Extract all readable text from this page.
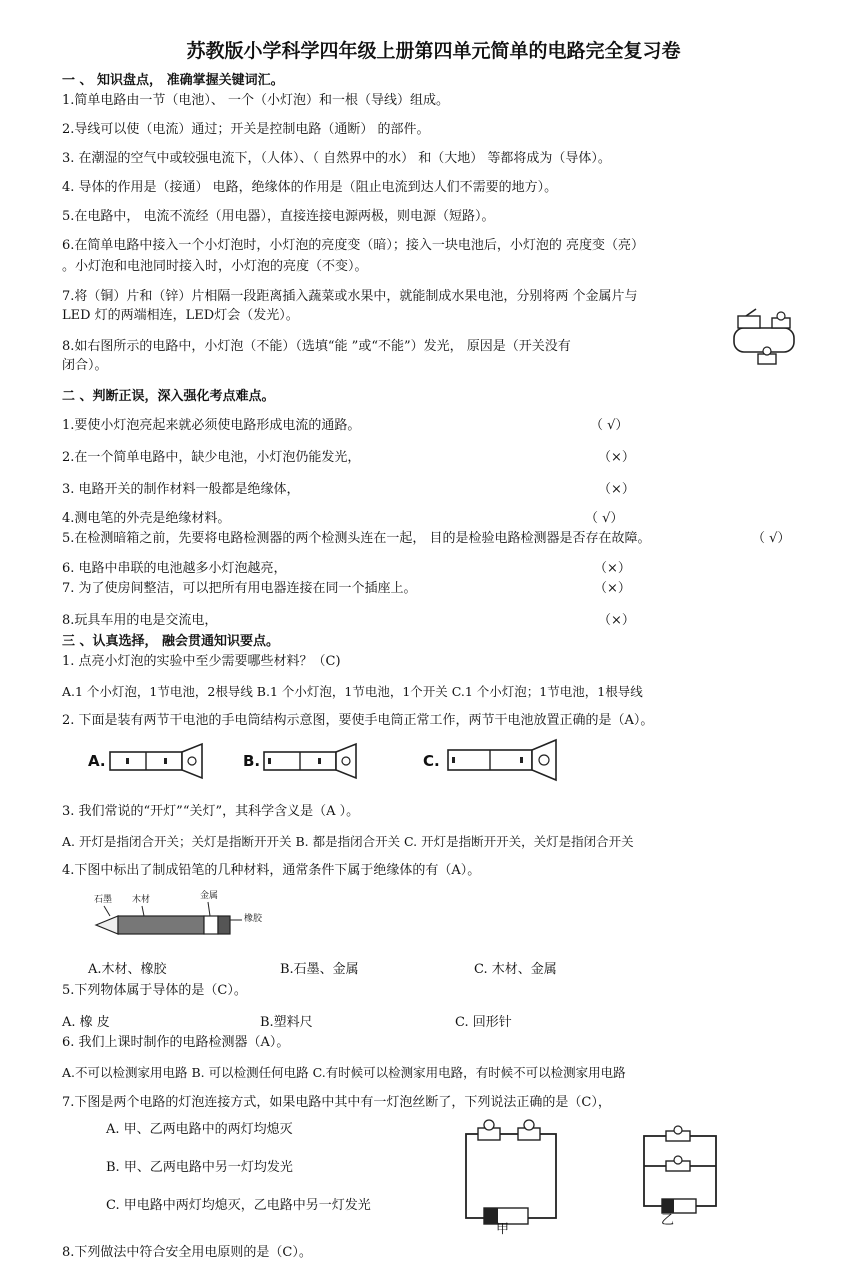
苏教版小学科学四年级上册第四单元简单的电路完全复习卷
一 、 知识盘点， 准确掌握关键词汇。
1.简单电路由一节（电池）、 一个（小灯泡）和一根（导线）组成。
2.导线可以使（电流）通过；开关是控制电路（通断） 的部件。
3. 在潮湿的空气中或较强电流下，（人体）、（ 自然界中的水） 和（大地） 等都将成为（导体）。
4. 导体的作用是（接通） 电路，绝缘体的作用是（阻止电流到达人们不需要的地方）。
5.在电路中， 电流不流经（用电器），直接连接电源两极，则电源（短路）。
6.在简单电路中接入一个小灯泡时，小灯泡的亮度变（暗）；接入一块电池后，小灯泡的 亮度变（亮）
。小灯泡和电池同时接入时，小灯泡的亮度（不变）。
7.将（铜）片和（锌）片相隔一段距离插入蔬菜或水果中，就能制成水果电池，分别将两 个金属片与
LED 灯的两端相连，LED灯会（发光）。
8.如右图所示的电路中，小灯泡（不能）（选填“能 ”或“不能”）发光， 原因是（开关没有
闭合）。
二 、判断正误，深入强化考点难点。
1.要使小灯泡亮起来就必须使电路形成电流的通路。	（ √）
2.在一个简单电路中，缺少电池，小灯泡仍能发光，	（×）
3. 电路开关的制作材料一般都是绝缘体，	（×）
4.测电笔的外壳是绝缘材料。	（ √）
5.在检测暗箱之前，先要将电路检测器的两个检测头连在一起， 目的是检验电路检测器是否存在故障。	（ √）
6. 电路中串联的电池越多小灯泡越亮，	（×）
7. 为了使房间整洁，可以把所有用电器连接在同一个插座上。	（×）
8.玩具车用的电是交流电，	（×）
三 、认真选择， 融会贯通知识要点。
1. 点亮小灯泡的实验中至少需要哪些材料？（C)
A.1 个小灯泡，1节电池，2根导线 B.1 个小灯泡，1节电池，1个开关 C.1 个小灯泡；1节电池，1根导线
2. 下面是装有两节干电池的手电筒结构示意图，要使手电筒正常工作，两节干电池放置正确的是（A）。
A.	B.	C.
3. 我们常说的“开灯”“关灯”，其科学含义是（A ）。
A. 开灯是指闭合开关；关灯是指断开开关 B. 都是指闭合开关 C. 开灯是指断开开关，关灯是指闭合开关
4.下图中标出了制成铅笔的几种材料，通常条件下属于绝缘体的有（A）。
石墨 木材	金属
橡胶
A.木材、橡胶	B.石墨、金属	C. 木材、金属
5.下列物体属于导体的是（C）。
A. 橡 皮	B.塑料尺	C. 回形针
6. 我们上课时制作的电路检测器（A）。
A.不可以检测家用电路 B. 可以检测任何电路 C.有时候可以检测家用电路，有时候不可以检测家用电路
7.下图是两个电路的灯泡连接方式，如果电路中其中有一灯泡丝断了，下列说法正确的是（C），
A. 甲、乙两电路中的两灯均熄灭
B. 甲、乙两电路中另一灯均发光
C. 甲电路中两灯均熄灭，乙电路中另一灯发光
甲
乙
8.下列做法中符合安全用电原则的是（C）。
